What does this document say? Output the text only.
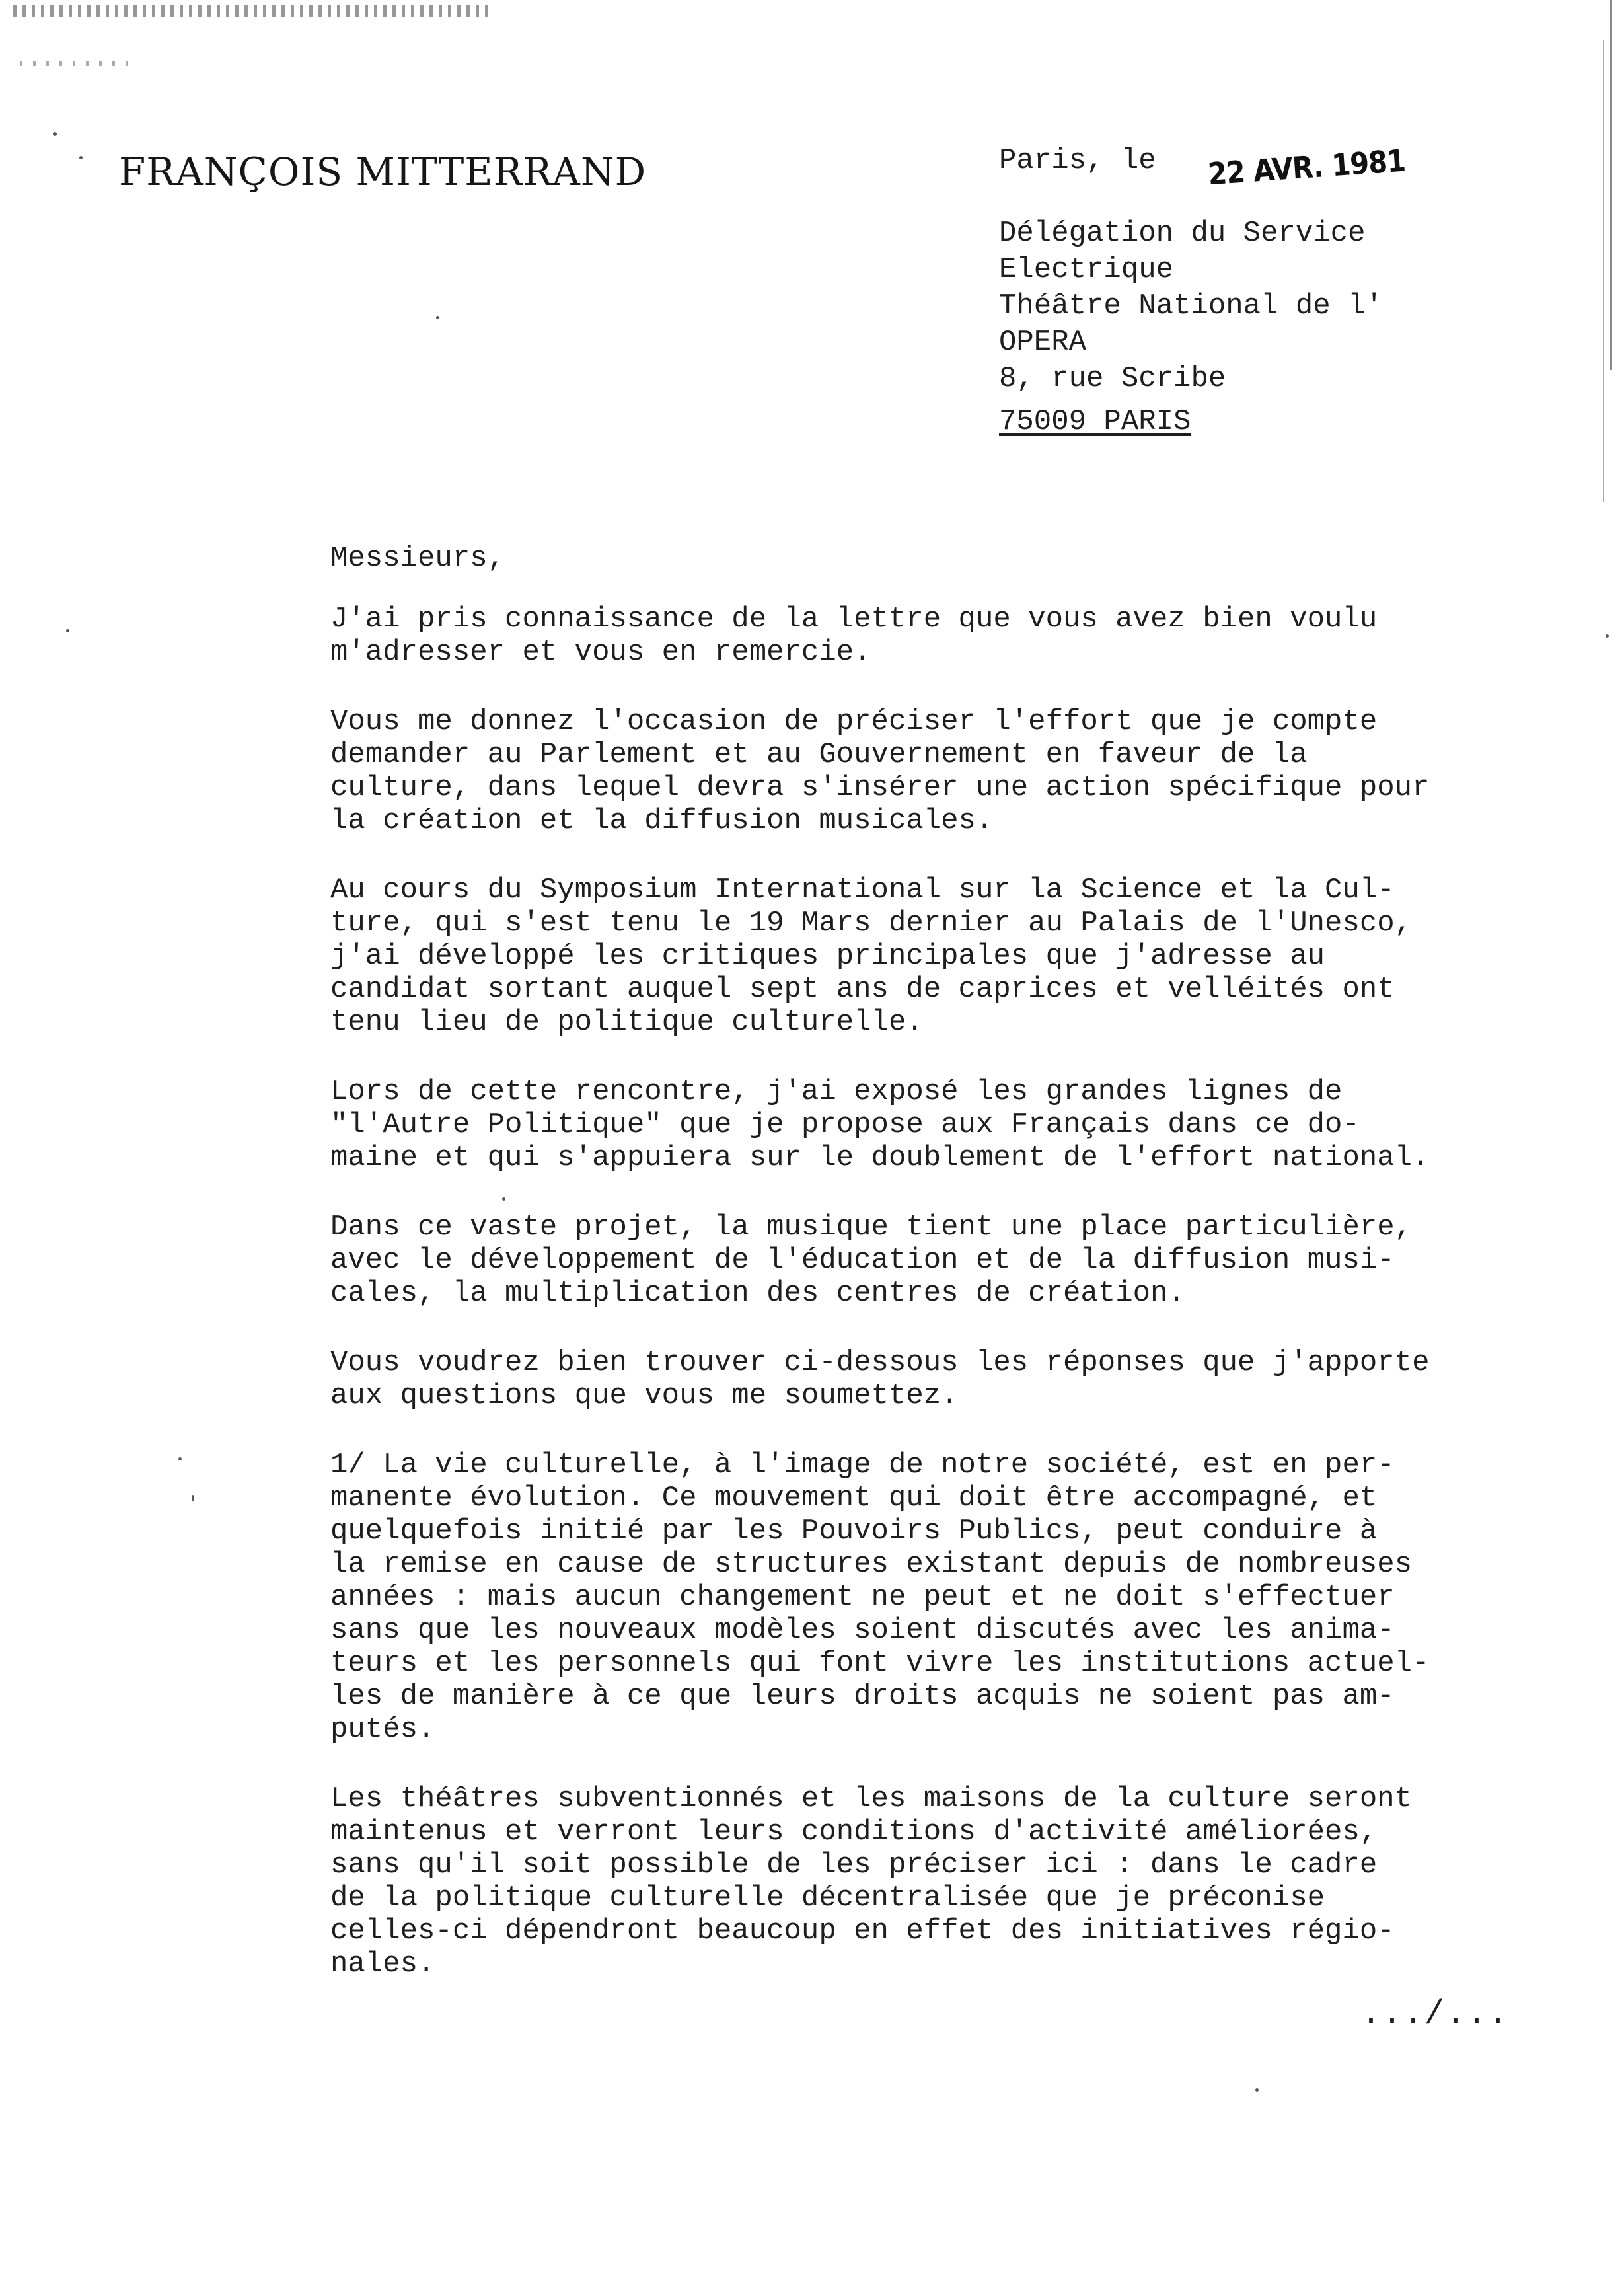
FRANÇOIS MITTERRAND	Paris, le 22 AVR. 1981
Délégation du Service
Electrique
Théâtre National de l'
OPERA
8, rue Scribe
75009 PARIS

Messieurs,

J'ai pris connaissance de la lettre que vous avez bien voulu
m'adresser et vous en remercie.

Vous me donnez l'occasion de préciser l'effort que je compte
demander au Parlement et au Gouvernement en faveur de la
culture, dans lequel devra s'insérer une action spécifique pour
la création et la diffusion musicales.

Au cours du Symposium International sur la Science et la Cul-
ture, qui s'est tenu le 19 Mars dernier au Palais de l'Unesco,
j'ai développé les critiques principales que j'adresse au
candidat sortant auquel sept ans de caprices et velléités ont
tenu lieu de politique culturelle.

Lors de cette rencontre, j'ai exposé les grandes lignes de
"l'Autre Politique" que je propose aux Français dans ce do-
maine et qui s'appuiera sur le doublement de l'effort national.

Dans ce vaste projet, la musique tient une place particulière,
avec le développement de l'éducation et de la diffusion musi-
cales, la multiplication des centres de création.

Vous voudrez bien trouver ci-dessous les réponses que j'apporte
aux questions que vous me soumettez.

1/ La vie culturelle, à l'image de notre société, est en per-
manente évolution. Ce mouvement qui doit être accompagné, et
quelquefois initié par les Pouvoirs Publics, peut conduire à
la remise en cause de structures existant depuis de nombreuses
années : mais aucun changement ne peut et ne doit s'effectuer
sans que les nouveaux modèles soient discutés avec les anima-
teurs et les personnels qui font vivre les institutions actuel-
les de manière à ce que leurs droits acquis ne soient pas am-
putés.

Les théâtres subventionnés et les maisons de la culture seront
maintenus et verront leurs conditions d'activité améliorées,
sans qu'il soit possible de les préciser ici : dans le cadre
de la politique culturelle décentralisée que je préconise
celles-ci dépendront beaucoup en effet des initiatives régio-
nales.

.../...
